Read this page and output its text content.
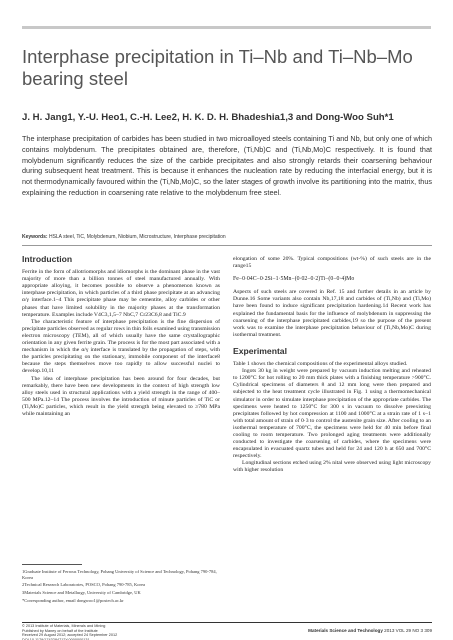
Interphase precipitation in Ti–Nb and Ti–Nb–Mo bearing steel
J. H. Jang1, Y.-U. Heo1, C.-H. Lee2, H. K. D. H. Bhadeshia1,3 and Dong-Woo Suh*1

The interphase precipitation of carbides has been studied in two microalloyed steels containing Ti and Nb, but only one of which contains molybdenum. The precipitates obtained are, therefore, (Ti,Nb)C and (Ti,Nb,Mo)C respectively. It is found that molybdenum significantly reduces the size of the carbide precipitates and also strongly retards their coarsening behaviour during subsequent heat treatment. This is because it enhances the nucleation rate by reducing the interfacial energy, but it is not thermodynamically favoured within the (Ti,Nb,Mo)C, so the later stages of growth involve its partitioning into the matrix, thus explaining the reduction in coarsening rate relative to the molybdenum free steel.

Keywords: HSLA steel, TiC, Molybdenum, Niobium, Microstructure, Interphase precipitation
Introduction

Ferrite in the form of allotriomorphs and idiomorphs is the dominant phase in the vast majority of more than a billion tonnes of steel manufactured annually. With appropriate alloying, it becomes possible to observe a phenomenon known as interphase precipitation, in which particles of a third phase precipitate at an advancing α/γ interface.1–4 This precipitate phase may be cementite, alloy carbides or other phases that have limited solubility in the majority phases at the transformation temperature. Examples include V4C3,1,5–7 NbC,7 Cr23C6,8 and TiC.9

The characteristic feature of interphase precipitation is the fine dispersion of precipitate particles observed as regular rows in thin foils examined using transmission electron microscopy (TEM), all of which usually have the same crystallographic orientation in any given ferrite grain. The process is for the most part associated with a mechanism in which the α/γ interface is translated by the propagation of steps, with the particles precipitating on the stationary, immobile component of the interface8 because the steps themselves move too rapidly to allow successful nuclei to develop.10,11

The idea of interphase precipitation has been around for four decades, but remarkably, there have been new developments in the context of high strength low alloy steels used in structural applications with a yield strength in the range of 400–500 MPa.12–14 The process involves the introduction of minute particles of TiC or (Ti,Mo)C particles, which result in the yield strength being elevated to ≥780 MPa while maintaining an

elongation of some 20%. Typical compositions (wt-%) of such steels are in the range15

Fe−0·04C−0·2Si−1·5Mn−(0·02−0·2)Ti−(0−0·4)Mo

Aspects of such steels are covered in Ref. 15 and further details in an article by Dunne.16 Some variants also contain Nb,17,18 and carbides of (Ti,Nb) and (Ti,Mo) have been found to induce significant precipitation hardening.14 Recent work has explained the fundamental basis for the influence of molybdenum in suppressing the coarsening of the interphase precipitated carbides,19 so the purpose of the present work was to examine the interphase precipitation behaviour of (Ti,Nb,Mo)C during isothermal treatment.

Experimental

Table 1 shows the chemical compositions of the experimental alloys studied.

Ingots 30 kg in weight were prepared by vacuum induction melting and reheated to 1200°C for hot rolling to 20 mm thick plates with a finishing temperature >900°C. Cylindrical specimens of diameters 8 and 12 mm long were then prepared and subjected to the heat treatment cycle illustrated in Fig. 1 using a thermomechanical simulator in order to simulate interphase precipitation of the appropriate carbides. The specimens were heated to 1250°C for 300 s in vacuum to dissolve preexisting precipitates followed by hot compression at 1100 and 1000°C at a strain rate of 1 s−1 with total amount of strain of 0·3 to control the austenite grain size. After cooling to an isothermal temperature of 700°C, the specimens were held for 40 min before final cooling to room temperature. Two prolonged aging treatments were additionally conducted to investigate the coarsening of carbides, where the specimens were encapsulated in evacuated quartz tubes and held for 24 and 120 h at 650 and 700°C respectively.

Longitudinal sections etched using 2% nital were observed using light microscopy with higher resolution

1Graduate Institute of Ferrous Technology, Pohang University of Science and Technology, Pohang 790-784, Korea

2Technical Research Laboratories, POSCO, Pohang 790-785, Korea

3Materials Science and Metallurgy, University of Cambridge, UK

*Corresponding author, email dongwoo1@postech.ac.kr

© 2013 Institute of Materials, Minerals and Mining
Published by Maney on behalf of the Institute
Received 29 August 2012; accepted 24 September 2012
DOI 10.1179/1743284712Y.0000000131
Materials Science and Technology 2013 VOL 29 NO 3 309
